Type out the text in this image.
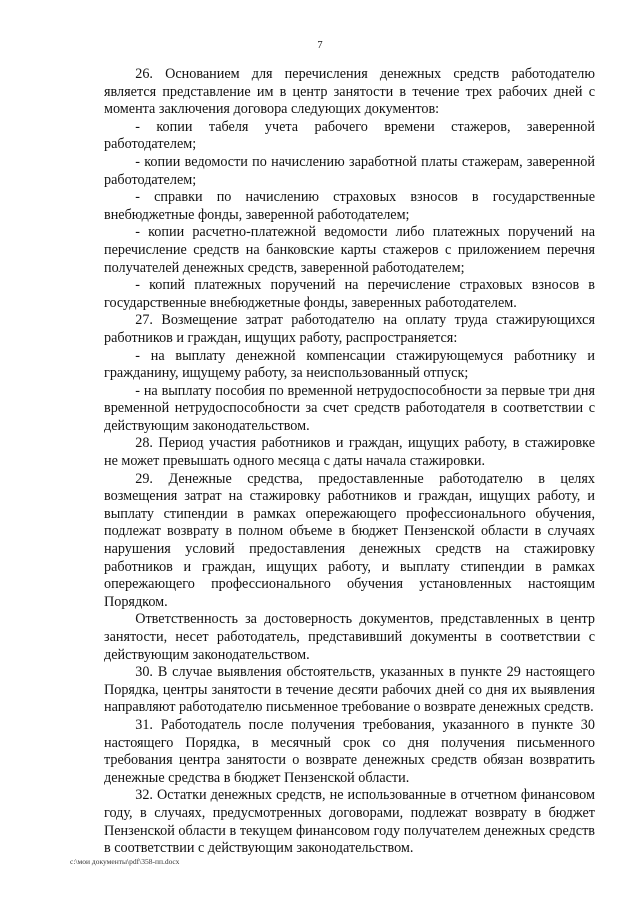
7

26. Основанием для перечисления денежных средств работодателю является представление им в центр занятости в течение трех рабочих дней с момента заключения договора следующих документов:

- копии табеля учета рабочего времени стажеров, заверенной работодателем;

- копии ведомости по начислению заработной платы стажерам, заверенной работодателем;

- справки по начислению страховых взносов в государственные внебюджетные фонды, заверенной работодателем;

- копии расчетно-платежной ведомости либо платежных поручений на перечисление средств на банковские карты стажеров с приложением перечня получателей денежных средств, заверенной работодателем;

- копий платежных поручений на перечисление страховых взносов в государственные внебюджетные фонды, заверенных работодателем.

27. Возмещение затрат работодателю на оплату труда стажирующихся работников и граждан, ищущих работу, распространяется:

- на выплату денежной компенсации стажирующемуся работнику и гражданину, ищущему работу, за неиспользованный отпуск;

- на выплату пособия по временной нетрудоспособности за первые три дня временной нетрудоспособности за счет средств работодателя в соответствии с действующим законодательством.

28. Период участия работников и граждан, ищущих работу, в стажировке не может превышать одного месяца с даты начала стажировки.

29. Денежные средства, предоставленные работодателю в целях возмещения затрат на стажировку работников и граждан, ищущих работу, и выплату стипендии в рамках опережающего профессионального обучения, подлежат возврату в полном объеме в бюджет Пензенской области в случаях нарушения условий предоставления денежных средств на стажировку работников и граждан, ищущих работу, и выплату стипендии в рамках опережающего профессионального обучения установленных настоящим Порядком.

Ответственность за достоверность документов, представленных в центр занятости, несет работодатель, представивший документы в соответствии с действующим законодательством.

30. В случае выявления обстоятельств, указанных в пункте 29 настоящего Порядка, центры занятости в течение десяти рабочих дней со дня их выявления направляют работодателю письменное требование о возврате денежных средств.

31. Работодатель после получения требования, указанного в пункте 30 настоящего Порядка, в месячный срок со дня получения письменного требования центра занятости о возврате денежных средств обязан возвратить денежные средства в бюджет Пензенской области.

32. Остатки денежных средств, не использованные в отчетном финансовом году, в случаях, предусмотренных договорами, подлежат возврату в бюджет Пензенской области в текущем финансовом году получателем денежных средств в соответствии с действующим законодательством.

c:\мои документы\pdf\358-пп.docx
